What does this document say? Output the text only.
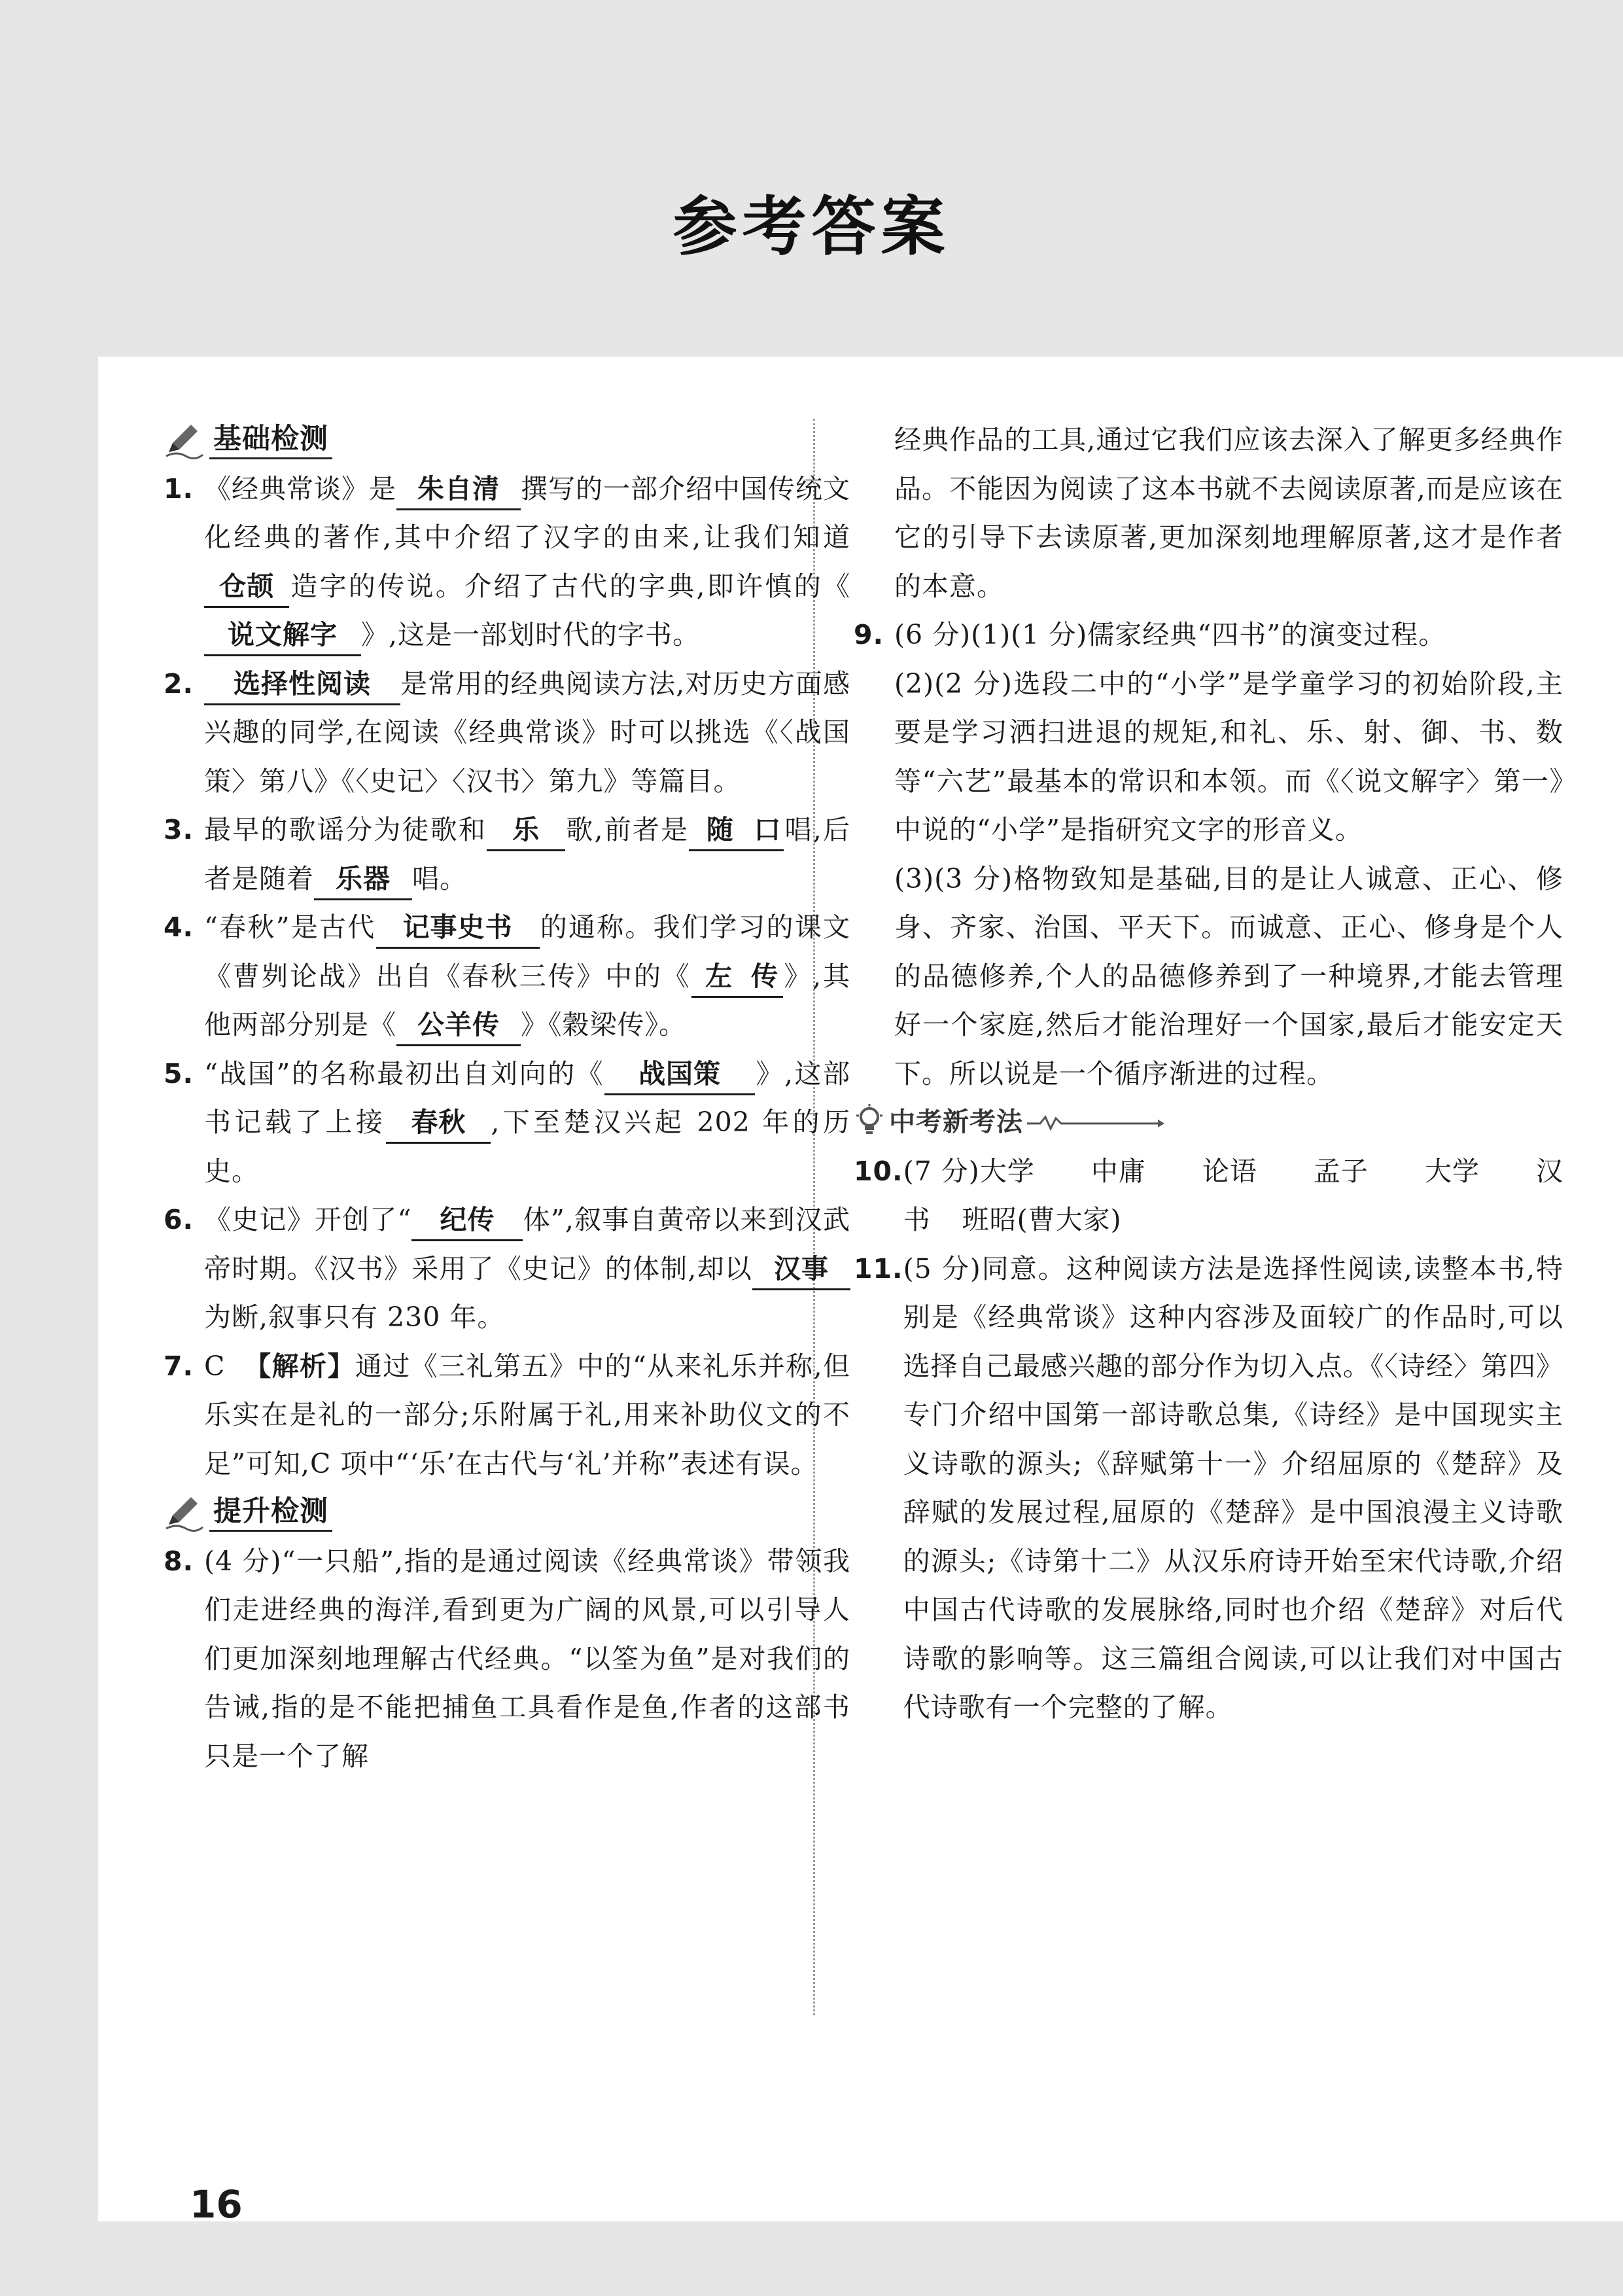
参考答案
基础检测
1. 《经典常谈》是 朱自清 撰写的一部介绍中国传统文化经典的著作,其中介绍了汉字的由来,让我们知道仓颉 造字的传说。介绍了古代的字典,即许慎的《说文解字 》,这是一部划时代的字书。
2.	选择性阅读 是常用的经典阅读方法,对历史方面感兴趣的同学,在阅读《经典常谈》时可以挑选《〈战国策〉第八》《〈史记〉〈汉书〉第九》等篇目。
3. 最早的歌谣分为徒歌和 乐 歌,前者是 随 口唱,后者是随着 乐器 唱。
4. “春秋”是古代 记事史书 的通称。我们学习的课文《曹刿论战》出自《春秋三传》中的《 左 传 》,其他两部分别是《 公羊传 》《穀梁传》。
5. “战国”的名称最初出自刘向的《 战国策 》,这部书记载了上接 春秋 ,下至楚汉兴起 202 年的历史。
6. 《史记》开创了“ 纪传 体”,叙事自黄帝以来到汉武帝时期。《汉书》采用了《史记》的体制,却以 汉事为断,叙事只有 230 年。
7. C 【解析】通过《三礼第五》中的“从来礼乐并称,但乐实在是礼的一部分;乐附属于礼,用来补助仪文的不足”可知,C 项中“‘乐’在古代与‘礼’并称”表述有误。
提升检测
8. (4 分)“一只船”,指的是通过阅读《经典常谈》带领我们走进经典的海洋,看到更为广阔的风景,可以引导人们更加深刻地理解古代经典。“以筌为鱼”是对我们的告诫,指的是不能把捕鱼工具看作是鱼,作者的这部书只是一个了解
经典作品的工具,通过它我们应该去深入了解更多经典作品。不能因为阅读了这本书就不去阅读原著,而是应该在它的引导下去读原著,更加深刻地理解原著,这才是作者的本意。
9. (6 分)(1)(1 分)儒家经典“四书”的演变过程。
(2)(2 分)选段二中的“小学”是学童学习的初始阶段,主要是学习洒扫进退的规矩,和礼、乐、射、御、书、数等“六艺”最基本的常识和本领。而《〈说文解字〉第一》中说的“小学”是指研究文字的形音义。
(3)(3 分)格物致知是基础,目的是让人诚意、正心、修身、齐家、治国、平天下。而诚意、正心、修身是个人的品德修养,个人的品德修养到了一种境界,才能去管理好一个家庭,然后才能治理好一个国家,最后才能安定天下。所以说是一个循序渐进的过程。
中考新考法
10. (7 分)大学 中庸 论语 孟子 大学 汉
书 班昭(曹大家)
11. (5 分)同意。这种阅读方法是选择性阅读,读整本书,特别是《经典常谈》这种内容涉及面较广的作品时,可以选择自己最感兴趣的部分作为切入点。《〈诗经〉第四》专门介绍中国第一部诗歌总集,《诗经》是中国现实主义诗歌的源头;《辞赋第十一》介绍屈原的《楚辞》及辞赋的发展过程,屈原的《楚辞》是中国浪漫主义诗歌的源头;《诗第十二》从汉乐府诗开始至宋代诗歌,介绍中国古代诗歌的发展脉络,同时也介绍《楚辞》对后代诗歌的影响等。这三篇组合阅读,可以让我们对中国古代诗歌有一个完整的了解。
16
